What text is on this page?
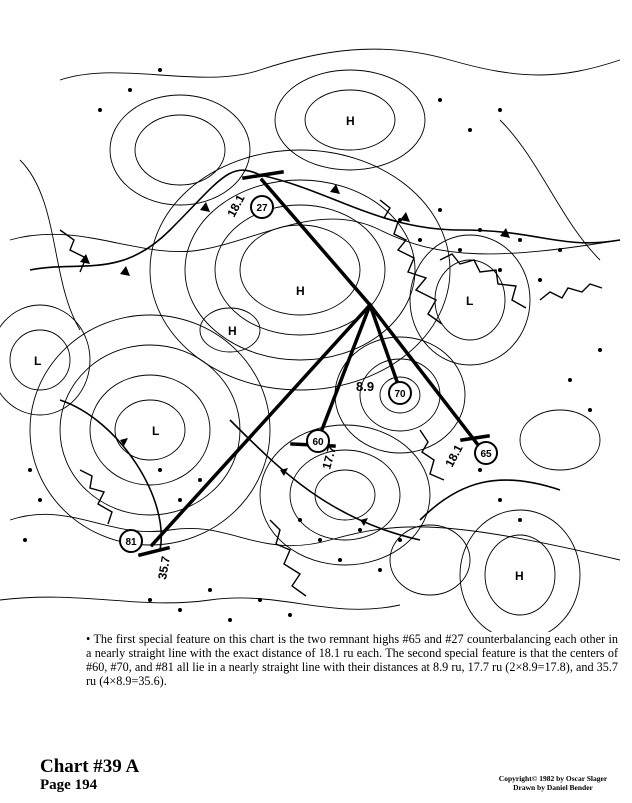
27
65
70
60
81
18.1
18.1
8.9
17.7
35.7
H
L
H
L
H
L
H
• The first special feature on this chart is the two remnant highs #65 and #27 counterbalancing each other in a nearly straight line with the exact distance of 18.1 ru each. The second special feature is that the centers of #60, #70, and #81 all lie in a nearly straight line with their distances at 8.9 ru, 17.7 ru (2×8.9=17.8), and 35.7 ru (4×8.9=35.6).
Chart #39 A
Page 194	Copyright© 1982 by Oscar Slager
Drawn by Daniel Bender
